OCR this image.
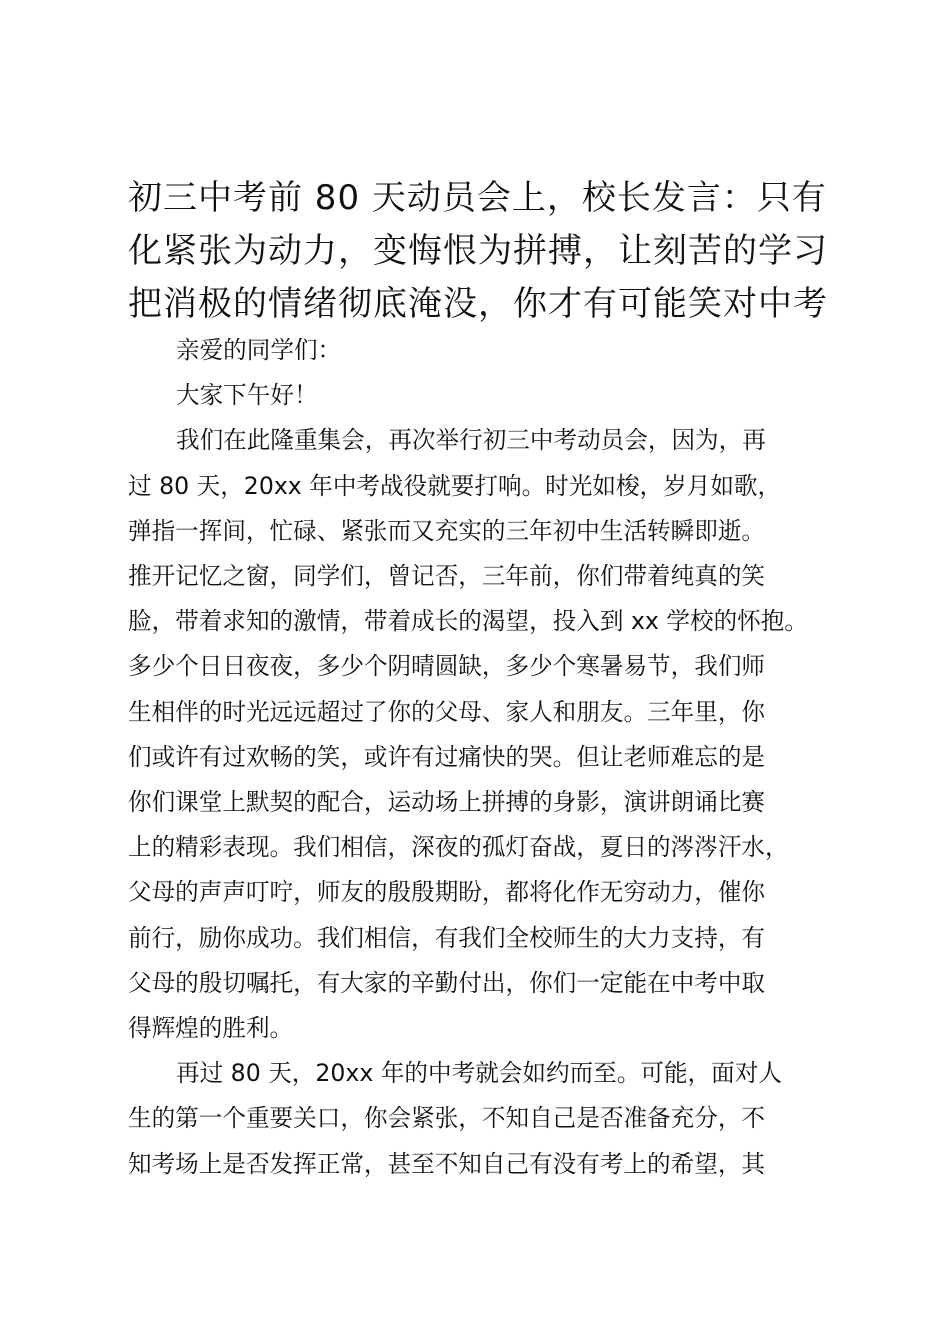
初三中考前 80 天动员会上，校长发言：只有
化紧张为动力，变悔恨为拼搏，让刻苦的学习
把消极的情绪彻底淹没，你才有可能笑对中考

亲爱的同学们：

大家下午好！

我们在此隆重集会，再次举行初三中考动员会，因为，再
过 80 天，20xx 年中考战役就要打响。时光如梭，岁月如歌，
弹指一挥间，忙碌、紧张而又充实的三年初中生活转瞬即逝。
推开记忆之窗，同学们，曾记否，三年前，你们带着纯真的笑
脸，带着求知的激情，带着成长的渴望，投入到 xx 学校的怀抱。
多少个日日夜夜，多少个阴晴圆缺，多少个寒暑易节，我们师
生相伴的时光远远超过了你的父母、家人和朋友。三年里，你
们或许有过欢畅的笑，或许有过痛快的哭。但让老师难忘的是
你们课堂上默契的配合，运动场上拼搏的身影，演讲朗诵比赛
上的精彩表现。我们相信，深夜的孤灯奋战，夏日的涔涔汗水，
父母的声声叮咛，师友的殷殷期盼，都将化作无穷动力，催你
前行，励你成功。我们相信，有我们全校师生的大力支持，有
父母的殷切嘱托，有大家的辛勤付出，你们一定能在中考中取
得辉煌的胜利。

再过 80 天，20xx 年的中考就会如约而至。可能，面对人
生的第一个重要关口，你会紧张，不知自己是否准备充分，不
知考场上是否发挥正常，甚至不知自己有没有考上的希望，其
